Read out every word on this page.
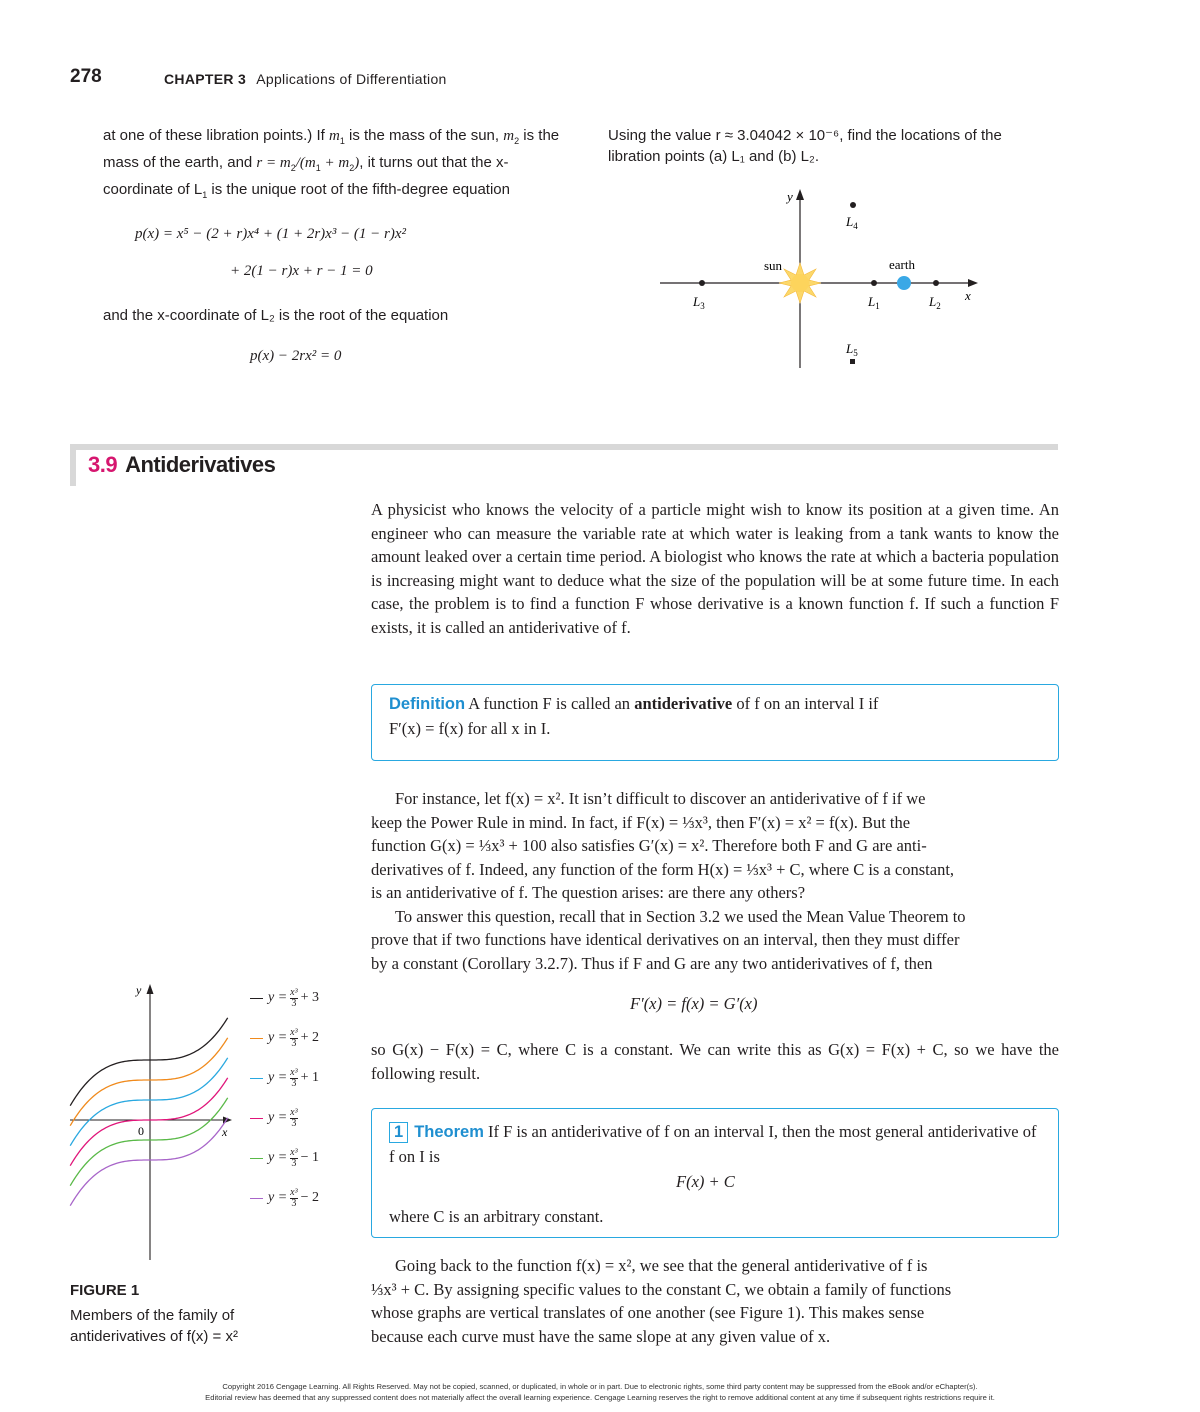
278	CHAPTER 3 Applications of Differentiation
at one of these libration points.) If $m_1$ is the mass of the sun, $m_2$ is the mass of the earth, and $r = m_2/(m_1 + m_2)$, it turns out that the x-coordinate of $L_1$ is the unique root of the fifth-degree equation
p(x) = x⁵ − (2 + r)x⁴ + (1 + 2r)x³ − (1 − r)x²
+ 2(1 − r)x + r − 1 = 0
and the x-coordinate of L₂ is the root of the equation
p(x) − 2rx² = 0
Using the value r ≈ 3.04042 × 10⁻⁶, find the locations of the libration points (a) L₁ and (b) L₂.
y
x
sun	earth
$L_3$	$L_1$	$L_2$
$L_4$
$L_5$
3.9 Antiderivatives
A physicist who knows the velocity of a particle might wish to know its position at a given time. An engineer who can measure the variable rate at which water is leaking from a tank wants to know the amount leaked over a certain time period. A biologist who knows the rate at which a bacteria population is increasing might want to deduce what the size of the population will be at some future time. In each case, the problem is to find a function F whose derivative is a known function f. If such a function F exists, it is called an antiderivative of f.
Definition A function F is called an antiderivative of f on an interval I if
F′(x) = f(x) for all x in I.

For instance, let f(x) = x². It isn’t difficult to discover an antiderivative of f if we

keep the Power Rule in mind. In fact, if F(x) = ⅓x³, then F′(x) = x² = f(x). But the

function G(x) = ⅓x³ + 100 also satisfies G′(x) = x². Therefore both F and G are anti-

derivatives of f. Indeed, any function of the form H(x) = ⅓x³ + C, where C is a constant,

is an antiderivative of f. The question arises: are there any others?

To answer this question, recall that in Section 3.2 we used the Mean Value Theorem to

prove that if two functions have identical derivatives on an interval, then they must differ

by a constant (Corollary 3.2.7). Thus if F and G are any two antiderivatives of f, then

F′(x) = f(x) = G′(x)
so G(x) − F(x) = C, where C is a constant. We can write this as G(x) = F(x) + C, so we have the following result.
1 Theorem If F is an antiderivative of f on an interval I, then the most general antiderivative of f on I is
F(x) + C
where C is an arbitrary constant.

Going back to the function f(x) = x², we see that the general antiderivative of f is

⅓x³ + C. By assigning specific values to the constant C, we obtain a family of functions

whose graphs are vertical translates of one another (see Figure 1). This makes sense

because each curve must have the same slope at any given value of x.

y
x
0
$y = \frac{\text{x³}}{3} + 3$
$y = \frac{\text{x³}}{3} + 2$
$y = \frac{\text{x³}}{3} + 1$
$y = \frac{\text{x³}}{3}$
$y = \frac{\text{x³}}{3} - 1$
$y = \frac{\text{x³}}{3} - 2$
FIGURE 1
Members of the family of
antiderivatives of f(x) = x²
Copyright 2016 Cengage Learning. All Rights Reserved. May not be copied, scanned, or duplicated, in whole or in part. Due to electronic rights, some third party content may be suppressed from the eBook and/or eChapter(s).
Editorial review has deemed that any suppressed content does not materially affect the overall learning experience. Cengage Learning reserves the right to remove additional content at any time if subsequent rights restrictions require it.
